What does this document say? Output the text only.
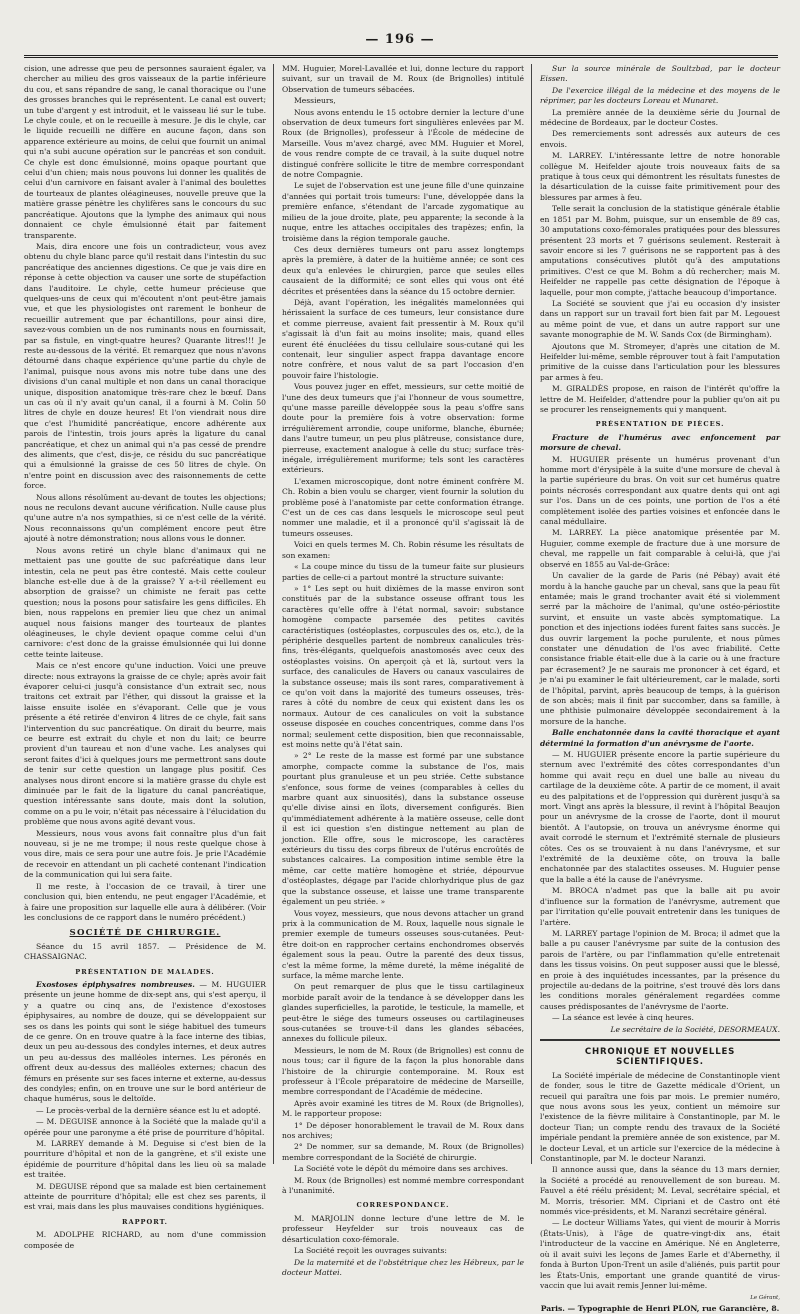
— 196 —

cision, une adresse que peu de personnes sauraient égaler, va chercher au milieu des gros vaisseaux de la partie inférieure du cou, et sans répandre de sang, le canal thoracique ou l'une des grosses branches qui le représentent. Le canal est ouvert; un tube d'argent y est introduit, et le vaisseau lié sur le tube. Le chyle coule, et on le recueille à mesure. Je dis le chyle, car le liquide recueilli ne diffère en aucune façon, dans son apparence extérieure au moins, de celui que fournit un animal qui n'a subi aucune opération sur le pancréas et son conduit. Ce chyle est donc émulsionné, moins opaque pourtant que celui d'un chien; mais nous pouvons lui donner les qualités de celui d'un carnivore en faisant avaler à l'animal des boulettes de tourteaux de plantes oléagineuses, nouvelle preuve que la matière grasse pénètre les chylifères sans le concours du suc pancréatique. Ajoutons que la lymphe des animaux qui nous donnaient ce chyle émulsionné était par faitement transparente.

Mais, dira encore une fois un contradicteur, vous avez obtenu du chyle blanc parce qu'il restait dans l'intestin du suc pancréatique des anciennes digestions. Ce que je vais dire en réponse à cette objection va causer une sorte de stupéfaction dans l'auditoire. Le chyle, cette humeur précieuse que quelques-uns de ceux qui m'écoutent n'ont peut-être jamais vue, et que les physiologistes ont rarement le bonheur de recueillir autrement que par échantillons, pour ainsi dire, savez-vous combien un de nos ruminants nous en fournissait, par sa fistule, en vingt-quatre heures? Quarante litres!!! Je reste au-dessous de la vérité. Et remarquez que nous n'avons détourné dans chaque expérience qu'une partie du chyle de l'animal, puisque nous avons mis notre tube dans une des divisions d'un canal multiple et non dans un canal thoracique unique, disposition anatomique très-rare chez le bœuf. Dans un cas où il n'y avait qu'un canal, il a fourni à M. Colin 50 litres de chyle en douze heures! Et l'on viendrait nous dire que c'est l'humidité pancréatique, encore adhérente aux parois de l'intestin, trois jours après la ligature du canal pancréatique, et chez un animal qui n'a pas cessé de prendre des aliments, que c'est, dis-je, ce résidu du suc pancréatique qui a émulsionné la graisse de ces 50 litres de chyle. On n'entre point en discussion avec des raisonnements de cette force.

Nous allons résolûment au-devant de toutes les objections; nous ne reculons devant aucune vérification. Nulle cause plus qu'une autre n'a nos sympathies, si ce n'est celle de la vérité. Nous reconnaissons qu'un complément encore peut être ajouté à notre démonstration; nous allons vous le donner.

Nous avons retiré un chyle blanc d'animaux qui ne mettaient pas une goutte de suc pafcréatique dans leur intestin, cela ne peut pas être contesté. Mais cette couleur blanche est-elle due à de la graisse? Y a-t-il réellement eu absorption de graisse? un chimiste ne ferait pas cette question; nous la posons pour satisfaire les gens difficiles. Eh bien, nous rappelons en premier lieu que chez un animal auquel nous faisions manger des tourteaux de plantes oléagineuses, le chyle devient opaque comme celui d'un carnivore: c'est donc de la graisse émulsionnée qui lui donne cette teinte laiteuse.

Mais ce n'est encore qu'une induction. Voici une preuve directe: nous extrayons la graisse de ce chyle; après avoir fait évaporer celui-ci jusqu'à consistance d'un extrait sec, nous traitons cet extrait par l'éther, qui dissout la graisse et la laisse ensuite isolée en s'évaporant. Celle que je vous présente a été retirée d'environ 4 litres de ce chyle, fait sans l'intervention du suc pancréatique. On dirait du beurre, mais ce beurre est extrait du chyle et non du lait; ce beurre provient d'un taureau et non d'une vache. Les analyses qui seront faites d'ici à quelques jours me permettront sans doute de tenir sur cette question un langage plus positif. Ces analyses nous diront encore si la matière grasse du chyle est diminuée par le fait de la ligature du canal pancréatique, question intéressante sans doute, mais dont la solution, comme on a pu le voir, n'était pas nécessaire à l'élucidation du problème que nous avons agité devant vous.

Messieurs, nous vous avons fait connaître plus d'un fait nouveau, si je ne me trompe; il nous reste quelque chose à vous dire, mais ce sera pour une autre fois. Je prie l'Académie de recevoir en attendant un pli cacheté contenant l'indication de la communication qui lui sera faite.

Il me reste, à l'occasion de ce travail, à tirer une conclusion qui, bien entendu, ne peut engager l'Académie, et à faire une proposition sur laquelle elle aura à délibérer. (Voir les conclusions de ce rapport dans le numéro précédent.)

SOCIÉTÉ DE CHIRURGIE.

Séance du 15 avril 1857. — Présidence de M. CHASSAIGNAC.

PRÉSENTATION DE MALADES.

Exostoses épiphysaires nombreuses. — M. HUGUIER présente un jeune homme de dix-sept ans, qui s'est aperçu, il y a quatre ou cinq ans, de l'existence d'exostoses épiphysaires, au nombre de douze, qui se développaient sur ses os dans les points qui sont le siége habituel des tumeurs de ce genre. On en trouve quatre à la face interne des tibias, deux un peu au-dessous des condyles internes, et deux autres un peu au-dessus des malléoles internes. Les péronés en offrent deux au-dessus des malléoles externes; chacun des fémurs en présente sur ses faces interne et externe, au-dessus des condyles; enfin, on en trouve une sur le bord antérieur de chaque humérus, sous le deltoïde.

— Le procès-verbal de la dernière séance est lu et adopté.

— M. DEGUISE annonce à la Société que la malade qu'il a opérée pour une paronyme a été prise de pourriture d'hôpital.

M. LARREY demande à M. Deguise si c'est bien de la pourriture d'hôpital et non de la gangrène, et s'il existe une épidémie de pourriture d'hôpital dans les lieu où sa malade est traitée.

M. DEGUISE répond que sa malade est bien certainement atteinte de pourriture d'hôpital; elle est chez ses parents, il est vrai, mais dans les plus mauvaises conditions hygiéniques.

RAPPORT.

M. ADOLPHE RICHARD, au nom d'une commission composée de

MM. Huguier, Morel-Lavallée et lui, donne lecture du rapport suivant, sur un travail de M. Roux (de Brignolles) intitulé Observation de tumeurs sébacées.

Messieurs,

Nous avons entendu le 15 octobre dernier la lecture d'une observation de deux tumeurs fort singulières enlevées par M. Roux (de Brignolles), professeur à l'École de médecine de Marseille. Vous m'avez chargé, avec MM. Huguier et Morel, de vous rendre compte de ce travail, à la suite duquel notre distingué confrère sollicite le titre de membre correspondant de notre Compagnie.

Le sujet de l'observation est une jeune fille d'une quinzaine d'années qui portait trois tumeurs: l'une, développée dans la première enfance, s'étendant de l'arcade zygomatique au milieu de la joue droite, plate, peu apparente; la seconde à la nuque, entre les attaches occipitales des trapèzes; enfin, la troisième dans la région temporale gauche.

Ces deux dernières tumeurs ont paru assez longtemps après la première, à dater de la huitième année; ce sont ces deux qu'a enlevées le chirurgien, parce que seules elles causaient de la difformité; ce sont elles qui vous ont été décrites et présentées dans la séance du 15 octobre dernier.

Déjà, avant l'opération, les inégalités mamelonnées qui hérissaient la surface de ces tumeurs, leur consistance dure et comme pierreuse, avaient fait pressentir à M. Roux qu'il s'agissait là d'un fait au moins insolite; mais, quand elles eurent été énucléées du tissu cellulaire sous-cutané qui les contenait, leur singulier aspect frappa davantage encore notre confrère, et nous valut de sa part l'occasion d'en pouvoir faire l'histologie.

Vous pouvez juger en effet, messieurs, sur cette moitié de l'une des deux tumeurs que j'ai l'honneur de vous soumettre, qu'une masse pareille développée sous la peau s'offre sans doute pour la première fois à votre observation: forme irrégulièrement arrondie, coupe uniforme, blanche, éburnée; dans l'autre tumeur, un peu plus plâtreuse, consistance dure, pierreuse, exactement analogue à celle du stuc; surface très-inégale, irrégulièrement muriforme; tels sont les caractères extérieurs.

L'examen microscopique, dont notre éminent confrère M. Ch. Robin a bien voulu se charger, vient fournir la solution du problème posé à l'anatomiste par cette conformation étrange. C'est un de ces cas dans lesquels le microscope seul peut nommer une maladie, et il a prononcé qu'il s'agissait là de tumeurs osseuses.

Voici en quels termes M. Ch. Robin résume les résultats de son examen:

« La coupe mince du tissu de la tumeur faite sur plusieurs parties de celle-ci a partout montré la structure suivante:

» 1° Les sept ou huit dixièmes de la masse environ sont constitués par de la substance osseuse offrant tous les caractères qu'elle offre à l'état normal, savoir: substance homogène compacte parsemée des petites cavités caractéristiques (ostéoplastes, corpuscules des os, etc.), de la périphérie desquelles partent de nombreux canalicules très-fins, très-élégants, quelquefois anastomosés avec ceux des ostéoplastes voisins. On aperçoit çà et là, surtout vers la surface, des canalicules de Havers ou canaux vasculaires de la substance osseuse; mais ils sont rares, comparativement à ce qu'on voit dans la majorité des tumeurs osseuses, très-rares à côté du nombre de ceux qui existent dans les os normaux. Autour de ces canalicules on voit la substance osseuse disposée en couches concentriques, comme dans l'os normal; seulement cette disposition, bien que reconnaissable, est moins nette qu'à l'état sain.

» 2° Le reste de la masse est formé par une substance amorphe, compacte comme la substance de l'os, mais pourtant plus granuleuse et un peu striée. Cette substance s'enfonce, sous forme de veines (comparables à celles du marbre quant aux sinuosités), dans la substance osseuse qu'elle divise ainsi en îlots, diversement configurés. Bien qu'immédiatement adhérente à la matière osseuse, celle dont il est ici question s'en distingue nettement au plan de jonction. Elle offre, sous le microscope, les caractères extérieurs du tissu des corps fibreux de l'utérus encroûtés de substances calcaires. La composition intime semble être la même, car cette matière homogène et striée, dépourvue d'ostéoplastes, dégage par l'acide chlorhydrique plus de gaz que la substance osseuse, et laisse une trame transparente également un peu striée. »

Vous voyez, messieurs, que nous devons attacher un grand prix à la communication de M. Roux, laquelle nous signale le premier exemple de tumeurs osseuses sous-cutanées. Peut-être doit-on en rapprocher certains enchondromes observés également sous la peau. Outre la parenté des deux tissus, c'est la même forme, la même dureté, la même inégalité de surface, la même marche lente.

On peut remarquer de plus que le tissu cartilagineux morbide paraît avoir de la tendance à se développer dans les glandes superficielles, la parotide, le testicule, la mamelle, et peut-être le siége des tumeurs osseuses ou cartilagineuses sous-cutanées se trouve-t-il dans les glandes sébacées, annexes du follicule pileux.

Messieurs, le nom de M. Roux (de Brignolles) est connu de nous tous; car il figure de la façon la plus honorable dans l'histoire de la chirurgie contemporaine. M. Roux est professeur à l'École préparatoire de médecine de Marseille, membre correspondant de l'Académie de médecine.

Après avoir examiné les titres de M. Roux (de Brignolles), M. le rapporteur propose:

1° De déposer honorablement le travail de M. Roux dans nos archives;

2° De nommer, sur sa demande, M. Roux (de Brignolles) membre correspondant de la Société de chirurgie.

La Société vote le dépôt du mémoire dans ses archives.

M. Roux (de Brignolles) est nommé membre correspondant à l'unanimité.

CORRESPONDANCE.

M. MARJOLIN donne lecture d'une lettre de M. le professeur Heyfelder sur trois nouveaux cas de désarticulation coxo-fémorale.

La Société reçoit les ouvrages suivants:

De la maternité et de l'obstétrique chez les Hébreux, par le docteur Mattei.

Sur la source minérale de Soultzbad, par le docteur Eissen.

De l'exercice illégal de la médecine et des moyens de le réprimer, par les docteurs Loreau et Munaret.

La première année de la deuxième série du Journal de médecine de Bordeaux, par le docteur Costes.

Des remerciements sont adressés aux auteurs de ces envois.

M. LARREY. L'intéressante lettre de notre honorable collègue M. Heifelder ajoute trois nouveaux faits de sa pratique à tous ceux qui démontrent les résultats funestes de la désarticulation de la cuisse faite primitivement pour des blessures par armes à feu.

Telle serait la conclusion de la statistique générale établie en 1851 par M. Bohm, puisque, sur un ensemble de 89 cas, 30 amputations coxo-fémorales pratiquées pour des blessures présentent 23 morts et 7 guérisons seulement. Resterait à savoir encore si les 7 guérisons ne se rapportent pas à des amputations consécutives plutôt qu'à des amputations primitives. C'est ce que M. Bohm a dû rechercher; mais M. Heifelder ne rappelle pas cette désignation de l'époque à laquelle, pour mon compte, j'attache beaucoup d'importance.

La Société se souvient que j'ai eu occasion d'y insister dans un rapport sur un travail fort bien fait par M. Legouest au même point de vue, et dans un autre rapport sur une savante monographie de M. W. Sands Cox (de Birmingham).

Ajoutons que M. Stromeyer, d'après une citation de M. Heifelder lui-même, semble réprouver tout à fait l'amputation primitive de la cuisse dans l'articulation pour les blessures par armes à feu.

M. GIRALDÈS propose, en raison de l'intérêt qu'offre la lettre de M. Heifelder, d'attendre pour la publier qu'on ait pu se procurer les renseignements qui y manquent.

PRÉSENTATION DE PIÈCES.

Fracture de l'humérus avec enfoncement par morsure de cheval.

M. HUGUIER présente un humérus provenant d'un homme mort d'érysipèle à la suite d'une morsure de cheval à la partie supérieure du bras. On voit sur cet humérus quatre points nécrosés correspondant aux quatre dents qui ont agi sur l'os. Dans un de ces points, une portion de l'os a été complètement isolée des parties voisines et enfoncée dans le canal médullaire.

M. LARREY. La pièce anatomique présentée par M. Huguier, comme exemple de fracture due à une morsure de cheval, me rappelle un fait comparable à celui-là, que j'ai observé en 1855 au Val-de-Grâce:

Un cavalier de la garde de Paris (né Pébay) avait été mordu à la hanche gauche par un cheval, sans que la peau fût entamée; mais le grand trochanter avait été si violemment serré par la mâchoire de l'animal, qu'une ostéo-périostite survint, et ensuite un vaste abcès symptomatique. La ponction et des injections iodées furent faites sans succès. Je dus ouvrir largement la poche purulente, et nous pûmes constater une dénudation de l'os avec friabilité. Cette consistance friable était-elle due à la carie ou à une fracture par écrasement? Je ne saurais me prononcer à cet égard, et je n'ai pu examiner le fait ultérieurement, car le malade, sorti de l'hôpital, parvint, après beaucoup de temps, à la guérison de son abcès; mais il finit par succomber, dans sa famille, à une phthisie pulmonaire développée secondairement à la morsure de la hanche.

Balle enchatonnée dans la cavité thoracique et ayant déterminé la formation d'un anévrysme de l'aorte.

— M. HUGUIER présente encore la partie supérieure du sternum avec l'extrémité des côtes correspondantes d'un homme qui avait reçu en duel une balle au niveau du cartilage de la deuxième côte. A partir de ce moment, il avait eu des palpitations et de l'oppression qui durèrent jusqu'à sa mort. Vingt ans après la blessure, il revint à l'hôpital Beaujon pour un anévrysme de la crosse de l'aorte, dont il mourut bientôt. A l'autopsie, on trouva un anévrysme énorme qui avait corrodé le sternum et l'extrémité sternale de plusieurs côtes. Ces os se trouvaient à nu dans l'anévrysme, et sur l'extrémité de la deuxième côte, on trouva la balle enchatonnée par des stalactites osseuses. M. Huguier pense que la balle a été la cause de l'anévrysme.

M. BROCA n'admet pas que la balle ait pu avoir d'influence sur la formation de l'anévrysme, autrement que par l'irritation qu'elle pouvait entretenir dans les tuniques de l'artère.

M. LARREY partage l'opinion de M. Broca; il admet que la balle a pu causer l'anévrysme par suite de la contusion des parois de l'artère, ou par l'inflammation qu'elle entretenait dans les tissus voisins. On peut supposer aussi que le blessé, en proie à des inquiétudes incessantes, par la présence du projectile au-dedans de la poitrine, s'est trouvé dès lors dans les conditions morales généralement regardées comme causes prédisposantes de l'anévrysme de l'aorte.

— La séance est levée à cinq heures.

Le secrétaire de la Société, DESORMEAUX.

CHRONIQUE ET NOUVELLES SCIENTIFIQUES.

La Société impériale de médecine de Constantinople vient de fonder, sous le titre de Gazette médicale d'Orient, un recueil qui paraîtra une fois par mois. Le premier numéro, que nous avons sous les yeux, contient un mémoire sur l'existence de la fièvre militaire à Constantinople, par M. le docteur Tian; un compte rendu des travaux de la Société impériale pendant la première année de son existence, par M. le docteur Leval, et un article sur l'exercice de la médecine à Constantinople, par M. le docteur Naranzi.

Il annonce aussi que, dans la séance du 13 mars dernier, la Société a procédé au renouvellement de son bureau. M. Fauvel a été réélu président; M. Leval, secrétaire spécial, et M. Morris, trésorier. MM. Cipriani et de Castro ont été nommés vice-présidents, et M. Naranzi secrétaire général.

— Le docteur Williams Yates, qui vient de mourir à Morris (États-Unis), à l'âge de quatre-vingt-dix ans, était l'introducteur de la vaccine en Amérique. Né en Angleterre, où il avait suivi les leçons de James Earle et d'Abernethy, il fonda à Burton Upon-Trent un asile d'aliénés, puis partit pour les États-Unis, emportant une grande quantité de virus-vaccin que lui avait remis Jenner lui-même.

Le Gérant,
Paris. — Typographie de Henri PLON, rue Garancière, 8.
